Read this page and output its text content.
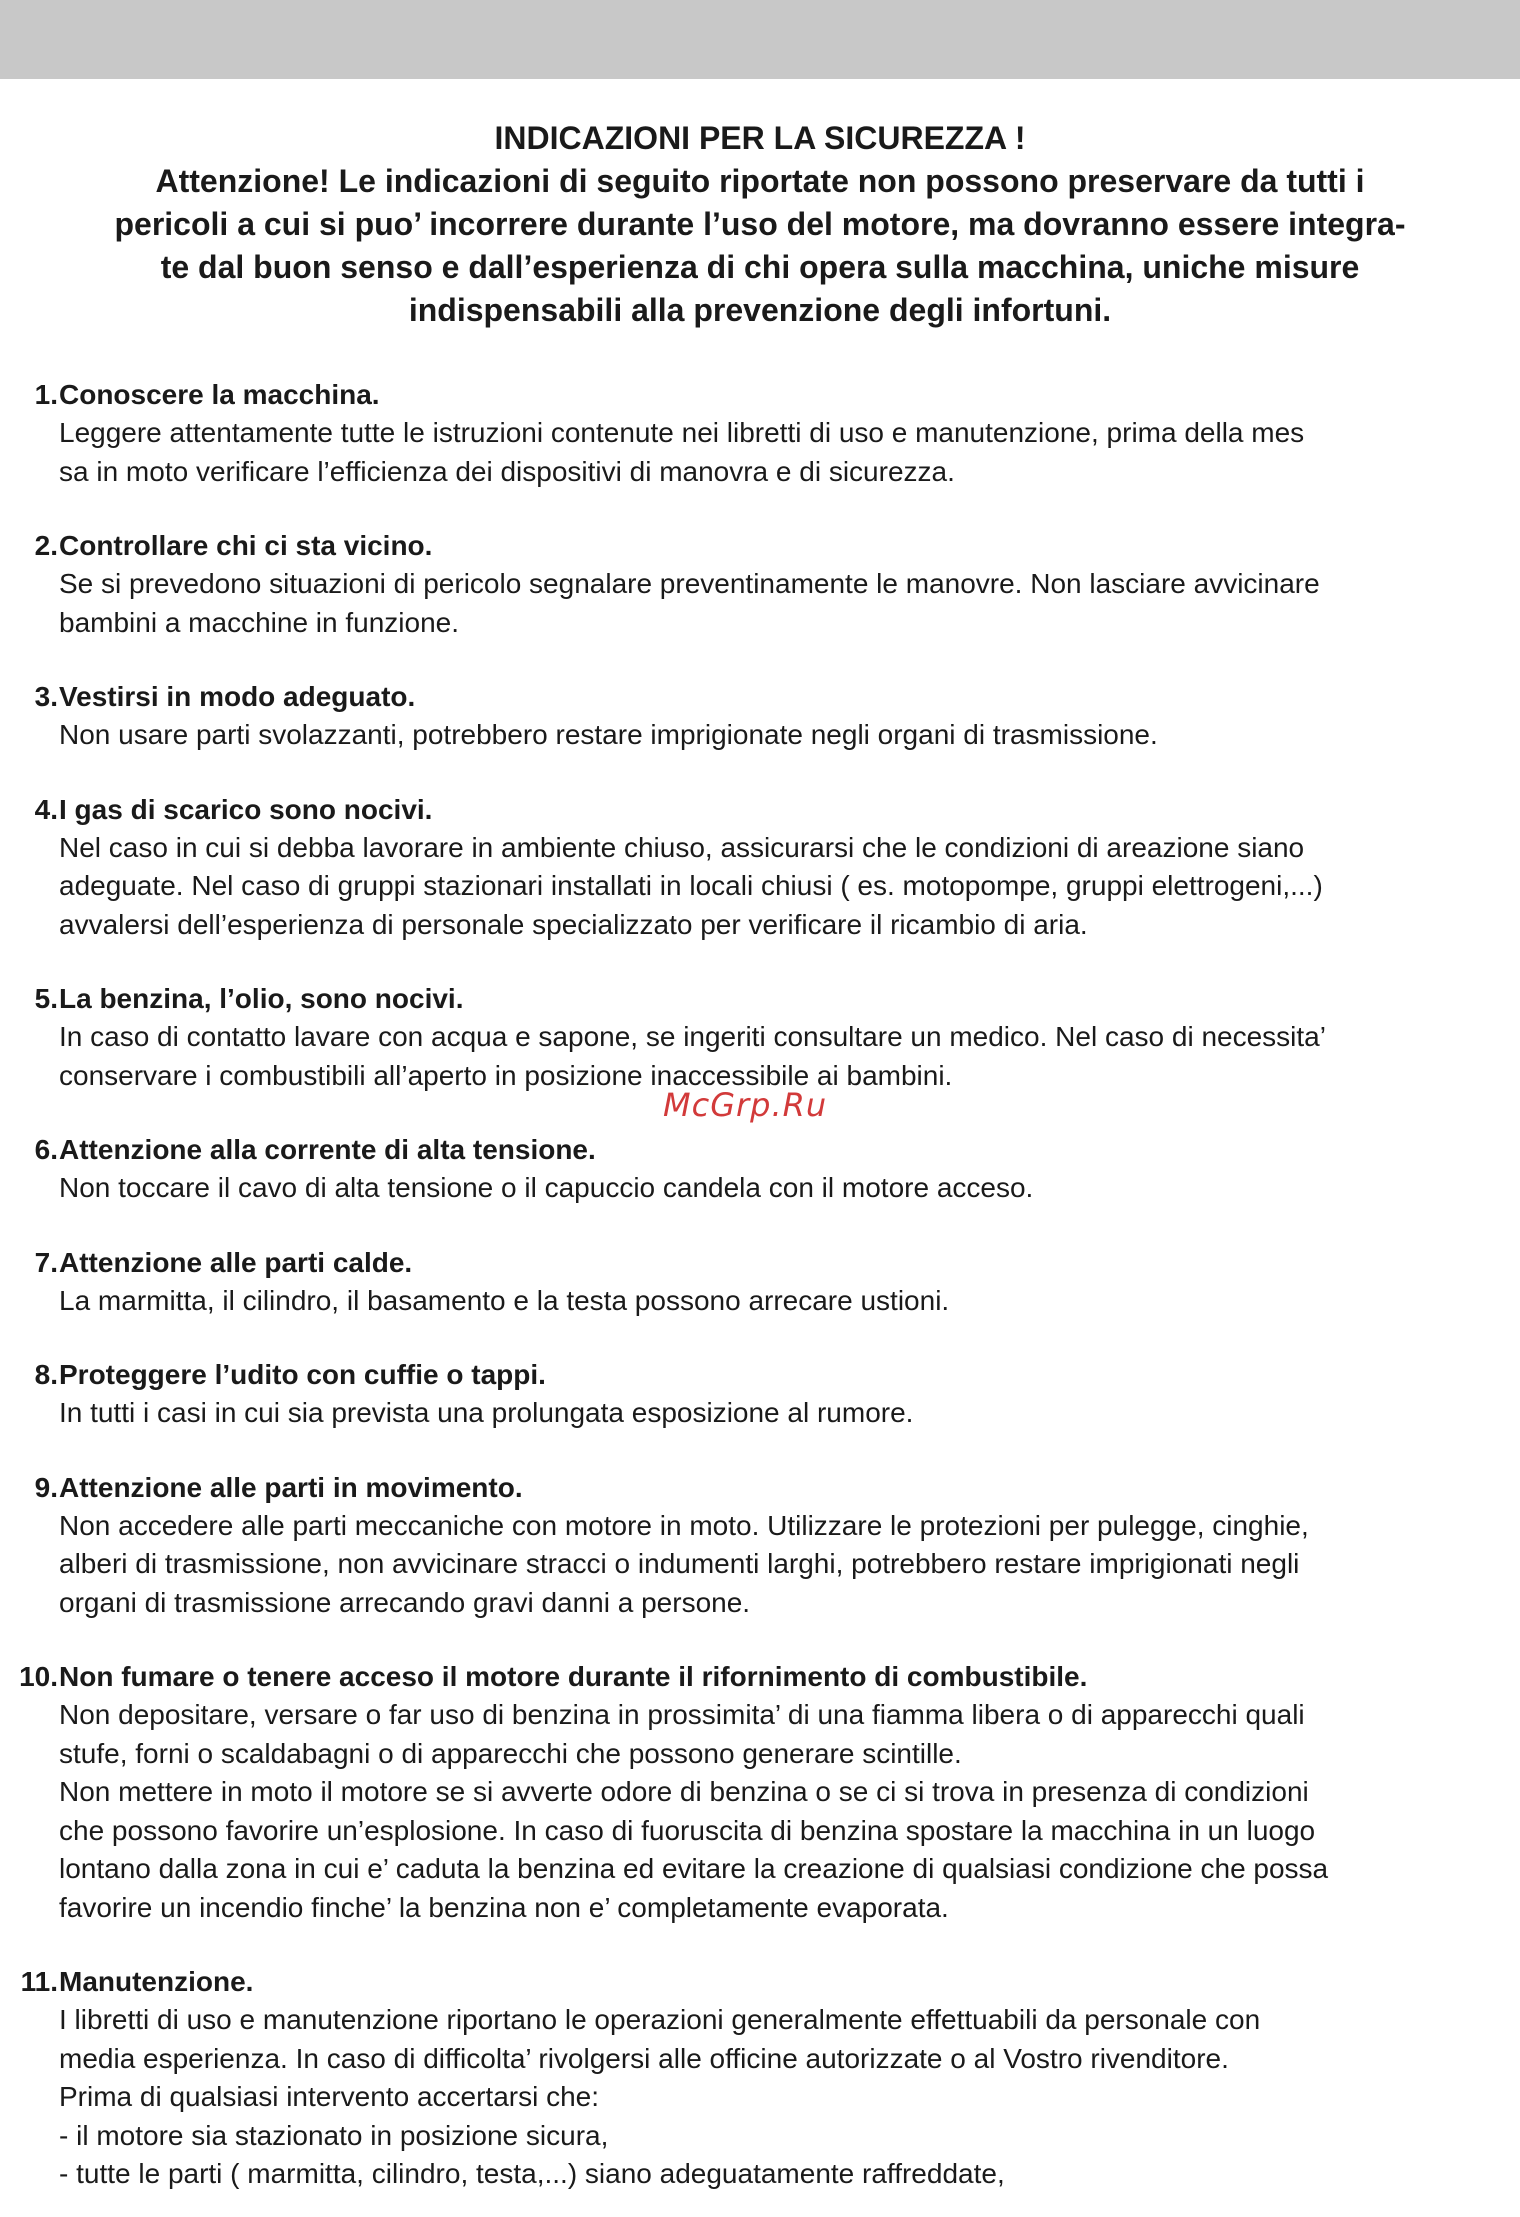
INDICAZIONI PER LA SICUREZZA !
Attenzione! Le indicazioni di seguito riportate non possono preservare da tutti i
pericoli a cui si puo’ incorrere durante l’uso del motore, ma dovranno essere integra-
te dal buon senso e dall’esperienza di chi opera sulla macchina, uniche misure
indispensabili alla prevenzione degli infortuni.
1. Conoscere la macchina.
Leggere attentamente tutte le istruzioni contenute nei libretti di uso e manutenzione, prima della mes
sa in moto verificare l’efficienza dei dispositivi di manovra e di sicurezza.
2. Controllare chi ci sta vicino.
Se si prevedono situazioni di pericolo segnalare preventinamente le manovre. Non lasciare avvicinare
bambini a macchine in funzione.
3. Vestirsi in modo adeguato.
Non usare parti svolazzanti, potrebbero restare imprigionate negli organi di trasmissione.
4. I gas di scarico sono nocivi.
Nel caso in cui si debba lavorare in ambiente chiuso, assicurarsi che le condizioni di areazione siano
adeguate. Nel caso di gruppi stazionari installati in locali chiusi ( es. motopompe, gruppi elettrogeni,...)
avvalersi dell’esperienza di personale specializzato per verificare il ricambio di aria.
5. La benzina, l’olio, sono nocivi.
In caso di contatto lavare con acqua e sapone, se ingeriti consultare un medico. Nel caso di necessita’
conservare i combustibili all’aperto in posizione inaccessibile ai bambini.
6. Attenzione alla corrente di alta tensione.
Non toccare il cavo di alta tensione o il capuccio candela con il motore acceso.
7. Attenzione alle parti calde.
La marmitta, il cilindro, il basamento e la testa possono arrecare ustioni.
8. Proteggere l’udito con cuffie o tappi.
In tutti i casi in cui sia prevista una prolungata esposizione al rumore.
9. Attenzione alle parti in movimento.
Non accedere alle parti meccaniche con motore in moto. Utilizzare le protezioni per pulegge, cinghie,
alberi di trasmissione, non avvicinare stracci o indumenti larghi, potrebbero restare imprigionati negli
organi di trasmissione arrecando gravi danni a persone.
10. Non fumare o tenere acceso il motore durante il rifornimento di combustibile.
Non depositare, versare o far uso di benzina in prossimita’ di una fiamma libera o di apparecchi quali
stufe, forni o scaldabagni o di apparecchi che possono generare scintille.
Non mettere in moto il motore se si avverte odore di benzina o se ci si trova in presenza di condizioni
che possono favorire un’esplosione. In caso di fuoruscita di benzina spostare la macchina in un luogo
lontano dalla zona in cui e’ caduta la benzina ed evitare la creazione di qualsiasi condizione che possa
favorire un incendio finche’ la benzina non e’ completamente evaporata.
11. Manutenzione.
I libretti di uso e manutenzione riportano le operazioni generalmente effettuabili da personale con
media esperienza. In caso di difficolta’ rivolgersi alle officine autorizzate o al Vostro rivenditore.
Prima di qualsiasi intervento accertarsi che:
- il motore sia stazionato in posizione sicura,
- tutte le parti ( marmitta, cilindro, testa,...) siano adeguatamente raffreddate,
McGrp.Ru
